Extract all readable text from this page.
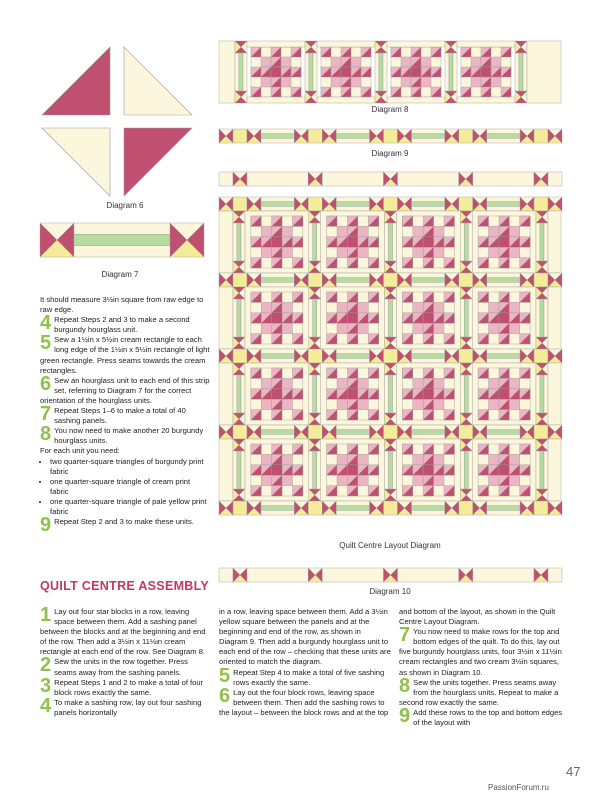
Diagram 6
Diagram 7
Diagram 8
Diagram 9
Quilt Centre Layout Diagram
Diagram 10

It should measure 3½in square from raw edge to raw edge.

4 Repeat Steps 2 and 3 to make a second burgundy hourglass unit.
5 Sew a 1½in x 5½in cream rectangle to each long edge of the 1½in x 5½in rectangle of light green rectangle. Press seams towards the cream rectangles.
6 Sew an hourglass unit to each end of this strip set, referring to Diagram 7 for the correct orientation of the hourglass units.
7 Repeat Steps 1–6 to make a total of 40 sashing panels.
8 You now need to make another 20 burgundy hourglass units.

For each unit you need:

• two quarter-square triangles of burgundy print fabric
• one quarter-square triangle of cream print fabric
• one quarter-square triangle of pale yellow print fabric
9 Repeat Step 2 and 3 to make these units.
QUILT CENTRE ASSEMBLY
1 Lay out four star blocks in a row, leaving space between them. Add a sashing panel between the blocks and at the beginning and end of the row. Then add a 3½in x 11½in cream rectangle at each end of the row. See Diagram 8.
2 Sew the units in the row together. Press seams away from the sashing panels.
3 Repeat Steps 1 and 2 to make a total of four block rows exactly the same.
4 To make a sashing row, lay out four sashing panels horizontally

in a row, leaving space between them. Add a 3½in yellow square between the panels and at the beginning and end of the row, as shown in Diagram 9. Then add a burgundy hourglass unit to each end of the row – checking that these units are oriented to match the diagram.

5 Repeat Step 4 to make a total of five sashing rows exactly the same.
6 Lay out the four block rows, leaving space between them. Then add the sashing rows to the layout – between the block rows and at the top

and bottom of the layout, as shown in the Quilt Centre Layout Diagram.

7 You now need to make rows for the top and bottom edges of the quilt. To do this, lay out five burgundy hourglass units, four 3½in x 11½in cream rectangles and two cream 3½in squares, as shown in Diagram 10.
8 Sew the units together. Press seams away from the hourglass units. Repeat to make a second row exactly the same.
9 Add these rows to the top and bottom edges of the layout with
47
PassionForum.ru
